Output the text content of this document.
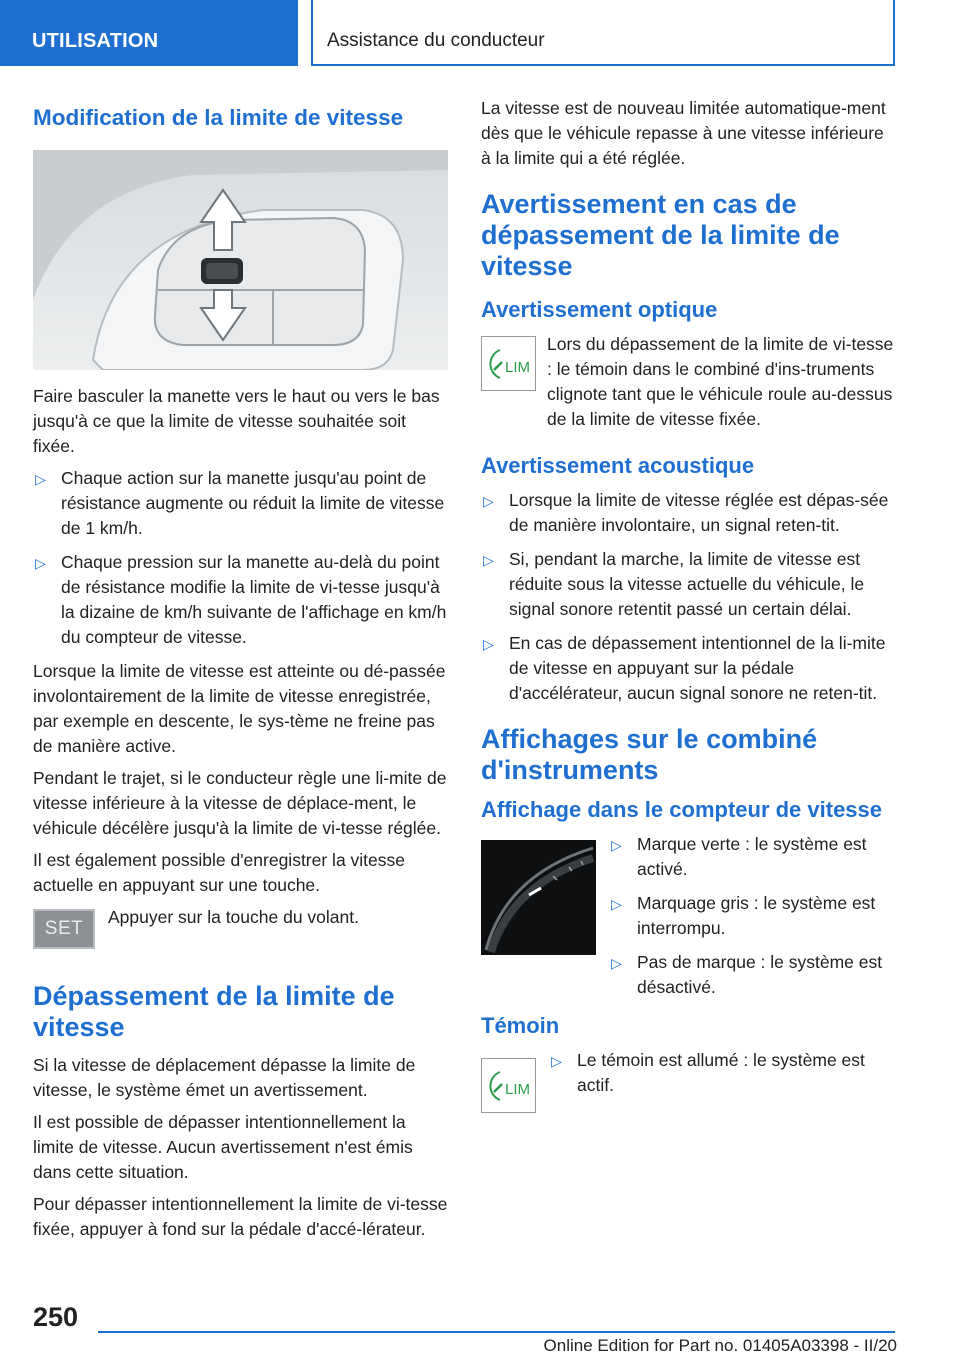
UTILISATION	Assistance du conducteur
Modification de la limite de vitesse

Faire basculer la manette vers le haut ou vers le bas jusqu'à ce que la limite de vitesse souhaitée soit fixée.

▷ Chaque action sur la manette jusqu'au point de résistance augmente ou réduit la limite de vitesse de 1 km/h.
▷ Chaque pression sur la manette au-delà du point de résistance modifie la limite de vi‐tesse jusqu'à la dizaine de km/h suivante de l'affichage en km/h du compteur de vitesse.

Lorsque la limite de vitesse est atteinte ou dé‐passée involontairement de la limite de vitesse enregistrée, par exemple en descente, le sys‐tème ne freine pas de manière active.

Pendant le trajet, si le conducteur règle une li‐mite de vitesse inférieure à la vitesse de déplace‐ment, le véhicule décélère jusqu'à la limite de vi‐tesse réglée.

Il est également possible d'enregistrer la vitesse actuelle en appuyant sur une touche.

SET
Appuyer sur la touche du volant.
Dépassement de la limite de vitesse

Si la vitesse de déplacement dépasse la limite de vitesse, le système émet un avertissement.

Il est possible de dépasser intentionnellement la limite de vitesse. Aucun avertissement n'est émis dans cette situation.

Pour dépasser intentionnellement la limite de vi‐tesse fixée, appuyer à fond sur la pédale d'accé‐lérateur.

La vitesse est de nouveau limitée automatique‐ment dès que le véhicule repasse à une vitesse inférieure à la limite qui a été réglée.

Avertissement en cas de dépassement de la limite de vitesse
Avertissement optique
LIM
Lors du dépassement de la limite de vi‐tesse : le témoin dans le combiné d'ins‐truments clignote tant que le véhicule roule au-dessus de la limite de vitesse fixée.
Avertissement acoustique
▷ Lorsque la limite de vitesse réglée est dépas‐sée de manière involontaire, un signal reten‐tit.
▷ Si, pendant la marche, la limite de vitesse est réduite sous la vitesse actuelle du véhicule, le signal sonore retentit passé un certain délai.
▷ En cas de dépassement intentionnel de la li‐mite de vitesse en appuyant sur la pédale d'accélérateur, aucun signal sonore ne reten‐tit.
Affichages sur le combiné d'instruments
Affichage dans le compteur de vitesse
▷ Marque verte : le système est activé.
▷ Marquage gris : le système est interrompu.
▷ Pas de marque : le système est désactivé.
Témoin
LIM
▷ Le témoin est allumé : le système est actif.
250
Online Edition for Part no. 01405A03398 - II/20
